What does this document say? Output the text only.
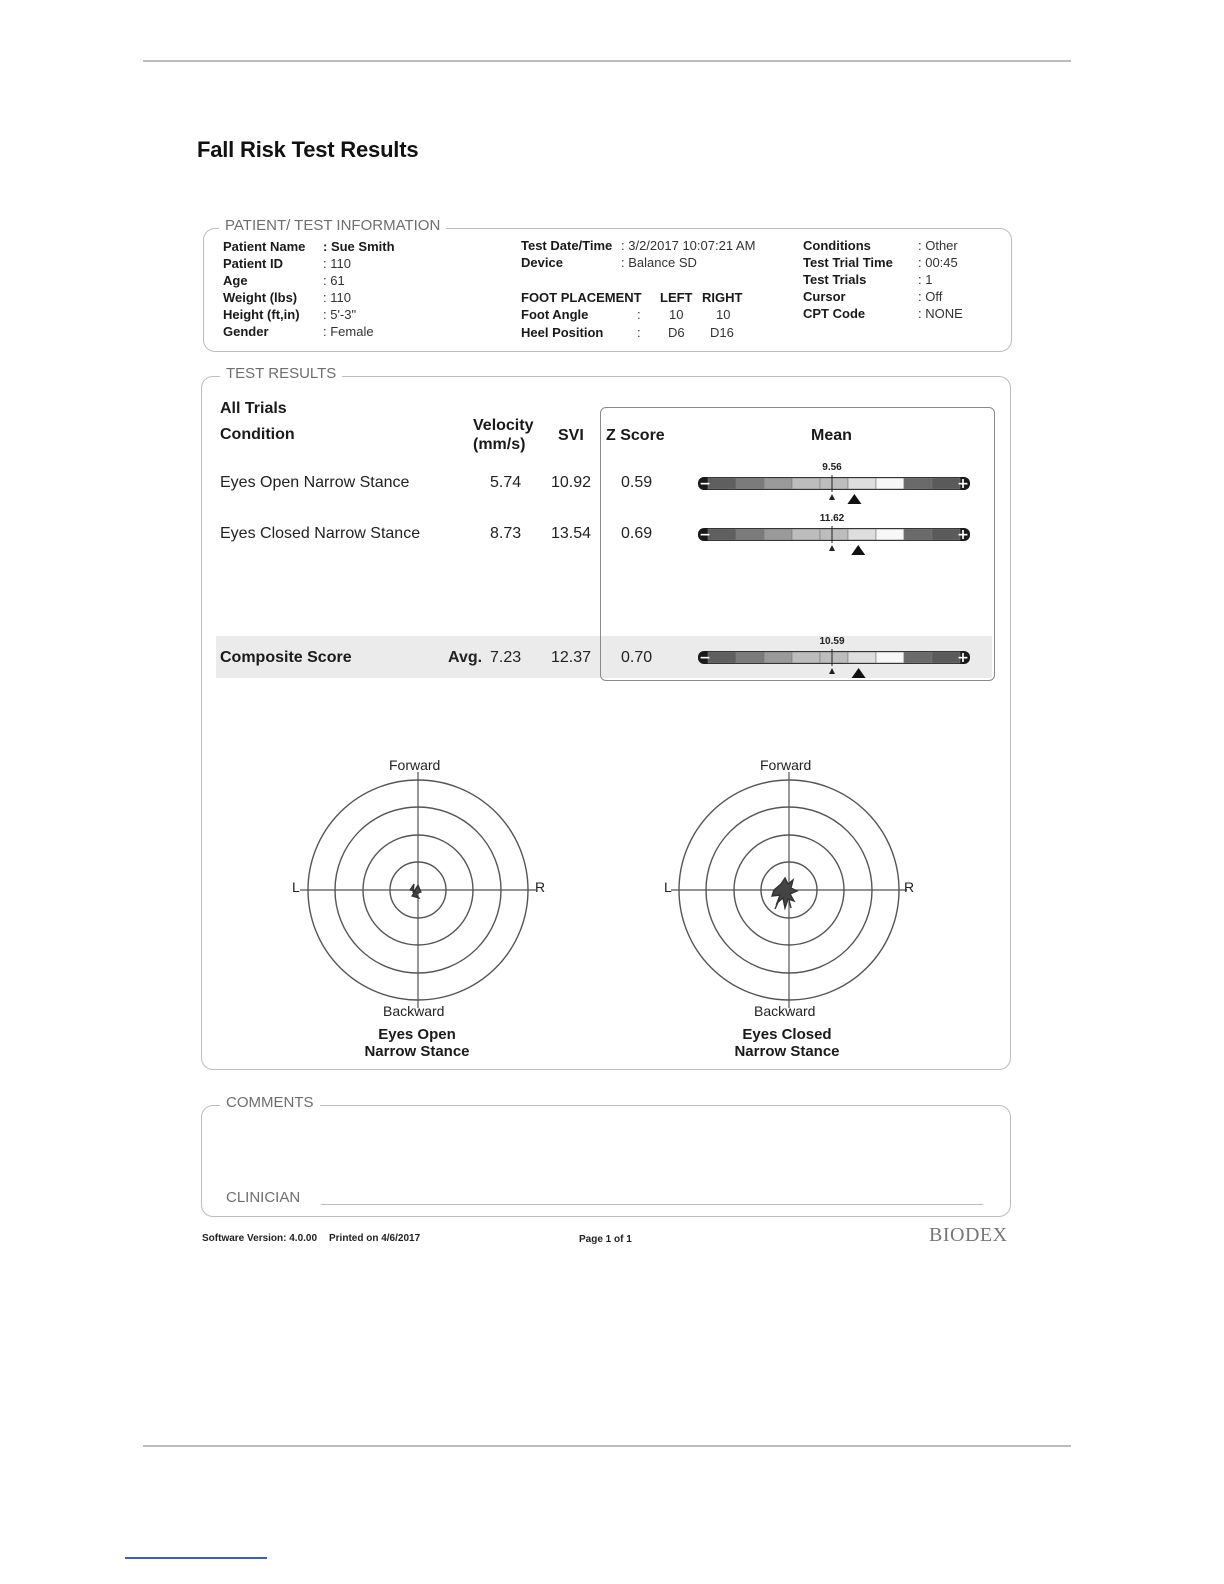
Fall Risk Test Results
PATIENT/ TEST INFORMATION
Patient Name : Sue Smith
Patient ID	: 110
Age	: 61
Weight (lbs) : 110
Height (ft,in) : 5'-3"
Gender	: Female
Test Date/Time : 3/2/2017 10:07:21 AM
Device	: Balance SD
FOOT PLACEMENT LEFT RIGHT
Foot Angle	: 10	10
Heel Position	: D6 D16
Conditions	: Other
Test Trial Time : 00:45
Test Trials	: 1
Cursor	: Off
CPT Code	: NONE
TEST RESULTS
All Trials
Condition
Velocity
(mm/s)
SVI Z Score	Mean
Eyes Open Narrow Stance	5.74 10.92 0.59
Eyes Closed Narrow Stance	8.73 13.54 0.69
Composite Score	Avg. 7.23 12.37 0.70
−	+
9.56
−	+
11.62
−	+
10.59
Forward
Backward
L	R
Eyes Open
Narrow Stance
Forward
Backward
L	R
Eyes Closed
Narrow Stance
COMMENTS
CLINICIAN
Software Version: 4.0.00 Printed on 4/6/2017	Page 1 of 1	BIODEX
